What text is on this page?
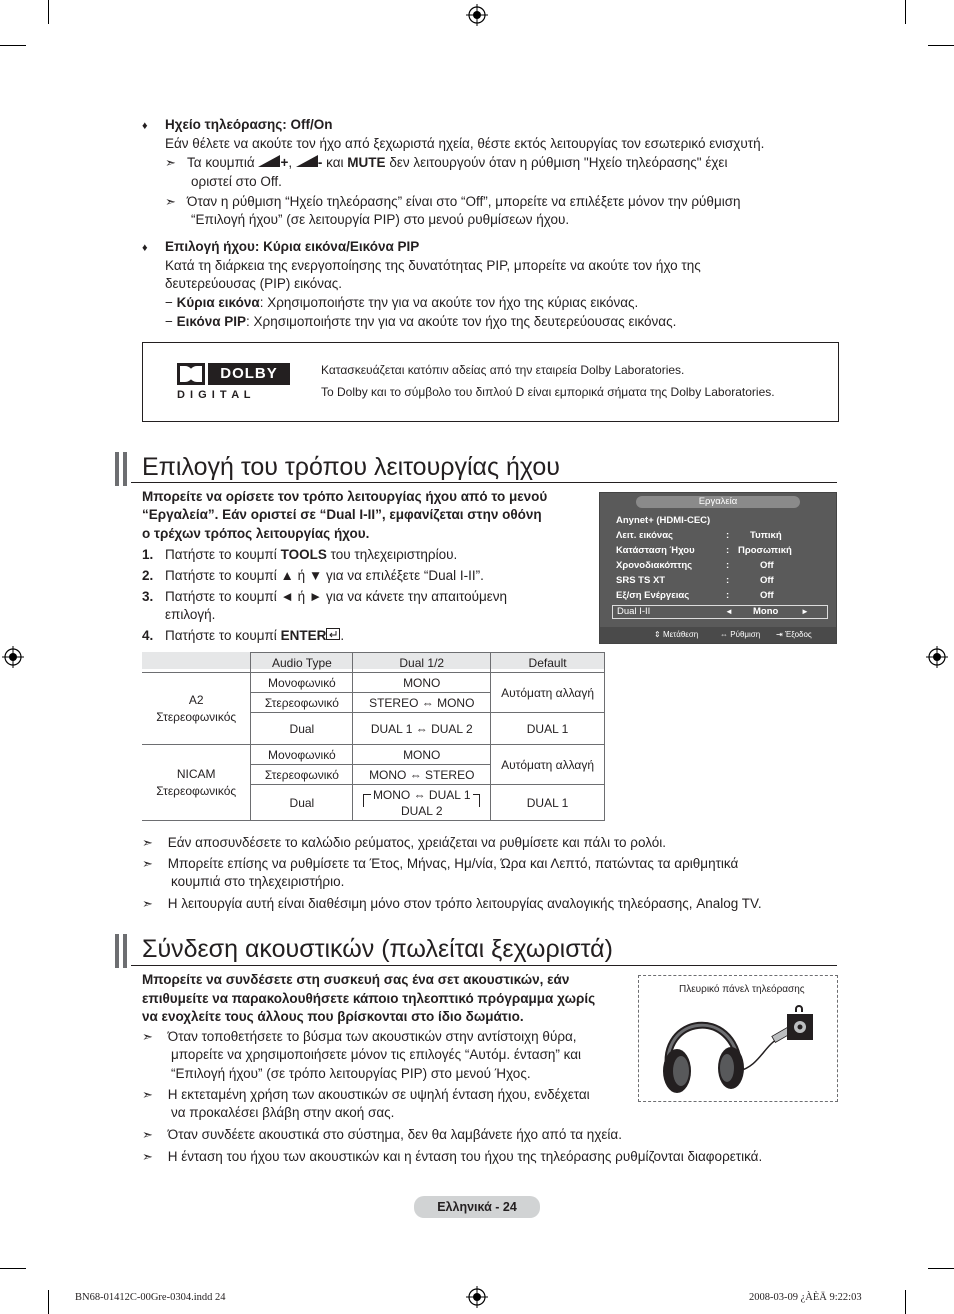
♦ Ηχείο τηλεόρασης: Off/On
Εάν θέλετε να ακούτε τον ήχο από ξεχωριστά ηχεία, θέστε εκτός λειτουργίας τον εσωτερικό ενισχυτή.
➣ Τα κουμπιά +, - και MUTE δεν λειτουργούν όταν η ρύθμιση "Ηχείο τηλεόρασης" έχει
οριστεί στο Off.
➣ Όταν η ρύθμιση “Ηχείο τηλεόρασης” είναι στο “Off”, μπορείτε να επιλέξετε μόνον την ρύθμιση
“Επιλογή ήχου” (σε λειτουργία PIP) στο μενού ρυθμίσεων ήχου.
♦ Επιλογή ήχου: Κύρια εικόνα/Εικόνα PIP
Κατά τη διάρκεια της ενεργοποίησης της δυνατότητας PIP, μπορείτε να ακούτε τον ήχο της
δευτερεύουσας (PIP) εικόνας.
− Κύρια εικόνα: Χρησιμοποιήστε την για να ακούτε τον ήχο της κύριας εικόνας.
− Εικόνα PIP: Χρησιμοποιήστε την για να ακούτε τον ήχο της δευτερεύουσας εικόνας.
DOLBY
D I G I T A L
Κατασκευάζεται κατόπιν αδείας από την εταιρεία Dolby Laboratories.
Το Dolby και το σύμβολο του διπλού D είναι εμπορικά σήματα της Dolby Laboratories.
Επιλογή του τρόπου λειτουργίας ήχου
Μπορείτε να ορίσετε τον τρόπο λειτουργίας ήχου από το μενού
“Εργαλεία”. Εάν οριστεί σε “Dual I-II”, εμφανίζεται στην οθόνη
ο τρέχων τρόπος λειτουργίας ήχου.
1. Πατήστε το κουμπί TOOLS του τηλεχειριστηρίου.
2. Πατήστε το κουμπί ▲ ή ▼ για να επιλέξετε “Dual I-II”.
3. Πατήστε το κουμπί ◄ ή ► για να κάνετε την απαιτούμενη
επιλογή.
4. Πατήστε το κουμπί ENTER .
Εργαλεία
Anynet+ (HDMI-CEC)
Λειτ. εικόνας	: Τυπική
Κατάσταση Ήχου	: Προσωπική
Χρονοδιακόπτης	:	Off
SRS TS XT	:	Off
Εξ/ση Ενέργειας	:	Off
Dual I-II	◄ Mono	►
⇕ Μετάθεση	⇔ Ρύθμιση ⇥ Έξοδος
	Audio Type	Dual 1/2	Default
A2
Στερεοφωνικός	Μονοφωνικό	MONO	Αυτόματη αλλαγή
	Στερεοφωνικό	STEREO ⇔ MONO	
	Dual	DUAL 1 ⇔ DUAL 2	DUAL 1
NICAM
Στερεοφωνικός	Μονοφωνικό	MONO	Αυτόματη αλλαγή
	Στερεοφωνικό	MONO ⇔ STEREO	
	Dual	MONO ⇔ DUAL 1
DUAL 2	DUAL 1
➣ Εάν αποσυνδέσετε το καλώδιο ρεύματος, χρειάζεται να ρυθμίσετε και πάλι το ρολόι.
➣ Μπορείτε επίσης να ρυθμίσετε τα Έτος, Μήνας, Ημ/νία, Ώρα και Λεπτό, πατώντας τα αριθμητικά
κουμπιά στο τηλεχειριστήριο.
➣ Η λειτουργία αυτή είναι διαθέσιμη μόνο στον τρόπο λειτουργίας αναλογικής τηλεόρασης, Analog TV.
Σύνδεση ακουστικών (πωλείται ξεχωριστά)
Μπορείτε να συνδέσετε στη συσκευή σας ένα σετ ακουστικών, εάν
επιθυμείτε να παρακολουθήσετε κάποιο τηλεοπτικό πρόγραμμα χωρίς
να ενοχλείτε τους άλλους που βρίσκονται στο ίδιο δωμάτιο.
➣ Όταν τοποθετήσετε το βύσμα των ακουστικών στην αντίστοιχη θύρα,
μπορείτε να χρησιμοποιήσετε μόνον τις επιλογές “Αυτόμ. ένταση” και
“Επιλογή ήχου” (σε τρόπο λειτουργίας PIP) στο μενού Ήχος.
➣ Η εκτεταμένη χρήση των ακουστικών σε υψηλή ένταση ήχου, ενδέχεται
να προκαλέσει βλάβη στην ακοή σας.
➣ Όταν συνδέετε ακουστικά στο σύστημα, δεν θα λαμβάνετε ήχο από τα ηχεία.
➣ Η ένταση του ήχου των ακουστικών και η ένταση του ήχου της τηλεόρασης ρυθμίζονται διαφορετικά.
Πλευρικό πάνελ τηλεόρασης
Ελληνικά - 24
BN68-01412C-00Gre-0304.indd 24	2008-03-09 ¿ÀÈÄ 9:22:03
